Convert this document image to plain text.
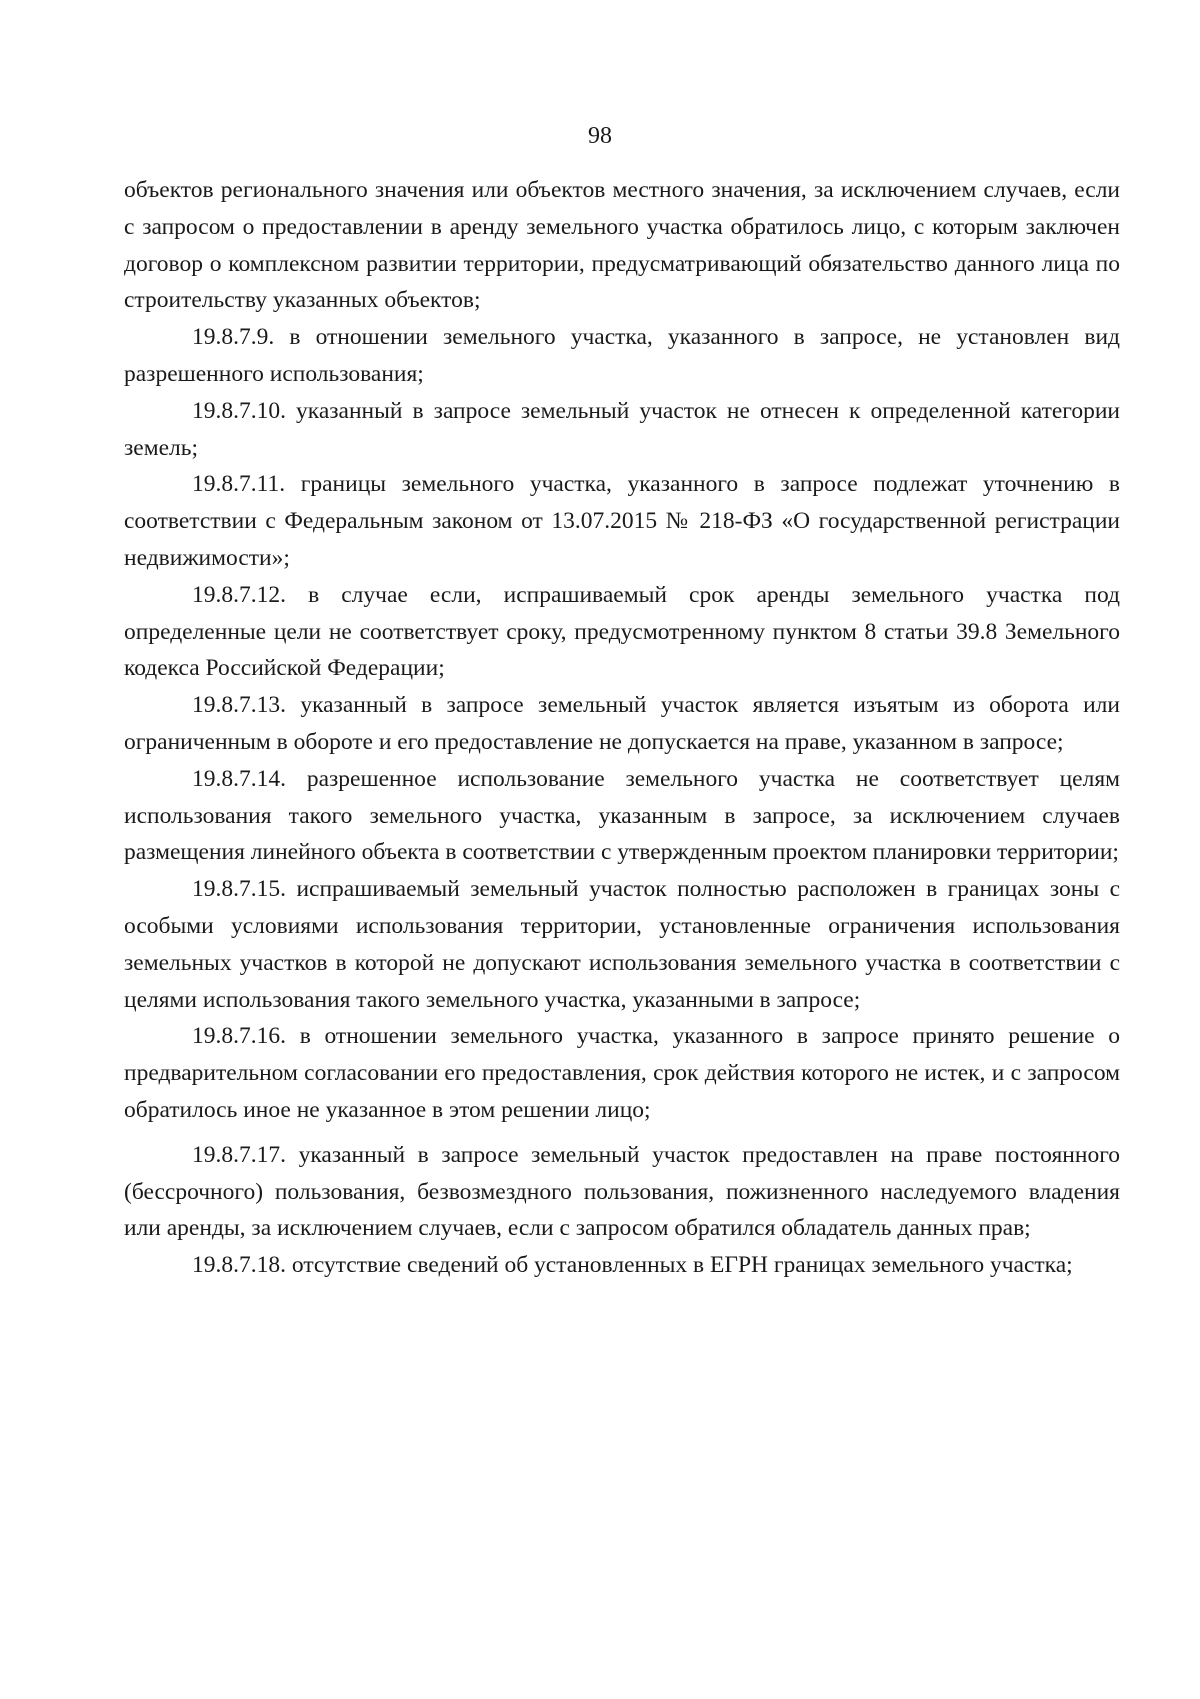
98

объектов регионального значения или объектов местного значения, за исключением случаев, если с запросом о предоставлении в аренду земельного участка обратилось лицо, с которым заключен договор о комплексном развитии территории, предусматривающий обязательство данного лица по строительству указанных объектов;

19.8.7.9. в отношении земельного участка, указанного в запросе, не установлен вид разрешенного использования;

19.8.7.10. указанный в запросе земельный участок не отнесен к определенной категории земель;

19.8.7.11. границы земельного участка, указанного в запросе подлежат уточнению в соответствии с Федеральным законом от 13.07.2015 № 218-ФЗ «О государственной регистрации недвижимости»;

19.8.7.12. в случае если, испрашиваемый срок аренды земельного участка под определенные цели не соответствует сроку, предусмотренному пунктом 8 статьи 39.8 Земельного кодекса Российской Федерации;

19.8.7.13. указанный в запросе земельный участок является изъятым из оборота или ограниченным в обороте и его предоставление не допускается на праве, указанном в запросе;

19.8.7.14. разрешенное использование земельного участка не соответствует целям использования такого земельного участка, указанным в запросе, за исключением случаев размещения линейного объекта в соответствии с утвержденным проектом планировки территории;

19.8.7.15. испрашиваемый земельный участок полностью расположен в границах зоны с особыми условиями использования территории, установленные ограничения использования земельных участков в которой не допускают использования земельного участка в соответствии с целями использования такого земельного участка, указанными в запросе;

19.8.7.16. в отношении земельного участка, указанного в запросе принято решение о предварительном согласовании его предоставления, срок действия которого не истек, и с запросом обратилось иное не указанное в этом решении лицо;

19.8.7.17. указанный в запросе земельный участок предоставлен на праве постоянного (бессрочного) пользования, безвозмездного пользования, пожизненного наследуемого владения или аренды, за исключением случаев, если с запросом обратился обладатель данных прав;

19.8.7.18. отсутствие сведений об установленных в ЕГРН границах земельного участка;
